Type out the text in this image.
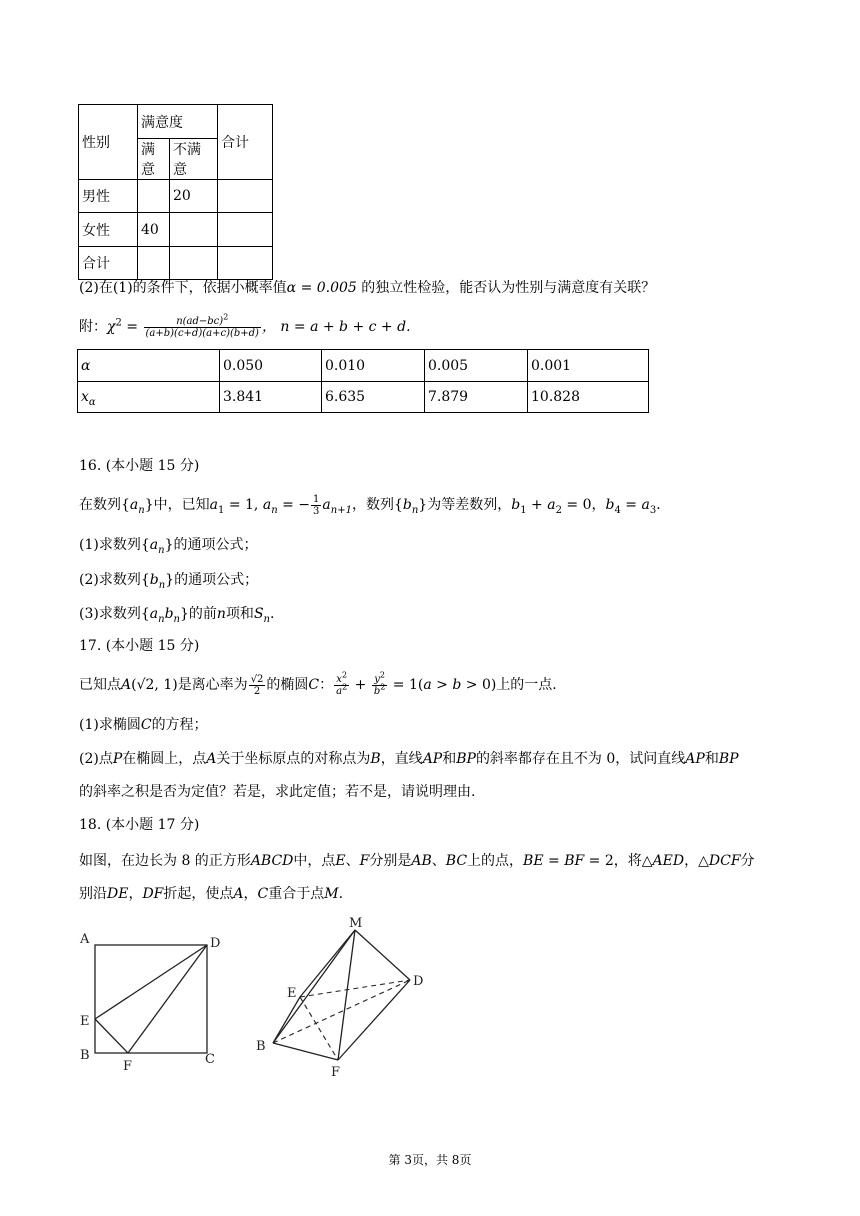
性别	满意度		合计
	满意	不满意	
男性		20	
女性	40		
合计			
(2)在(1)的条件下，依据小概率值α = 0.005 的独立性检验，能否认为性别与满意度有关联？
附：$\chi^2 = \frac{n(ad-bc)^2}{(a+b)(c+d)(a+c)(b+d)}$ ， n = a + b + c + d.
α	0.050	0.010	0.005	0.001
$x_\alpha$	3.841	6.635	7.879	10.828
16. (本小题 15 分)
在数列$\{a_n\}$中，已知$a_1 = 1$, $a_n$ = − $\frac{1}{3} a_{n+1}$，数列$\{b_n\}$为等差数列，$b_1 + a_2 = 0$，$b_4 = a_3$.
(1)求数列$\{a_n\}$的通项公式；
(2)求数列$\{b_n\}$的通项公式；
(3)求数列$\{a_nb_n\}$的前n项和$S_n$.
17. (本小题 15 分)
已知点A(√2, 1)是离心率为 $\frac{√2}{2}$ 的椭圆C： $\frac{x^2}{a^2} + \frac{y^2}{b^2} = 1(a > b > 0)$上的一点.
(1)求椭圆C的方程；
(2)点P在椭圆上，点A关于坐标原点的对称点为B，直线AP和BP的斜率都存在且不为 0，试问直线AP和BP
的斜率之积是否为定值？若是，求此定值；若不是，请说明理由.
18. (本小题 17 分)
如图，在边长为 8 的正方形ABCD中，点E、F分别是AB、BC上的点，BE = BF = 2，将△AED，△DCF分
别沿DE，DF折起，使点A，C重合于点M.
A	D
E
B
F	C
M
E
D
B
F
第 3页，共 8页
